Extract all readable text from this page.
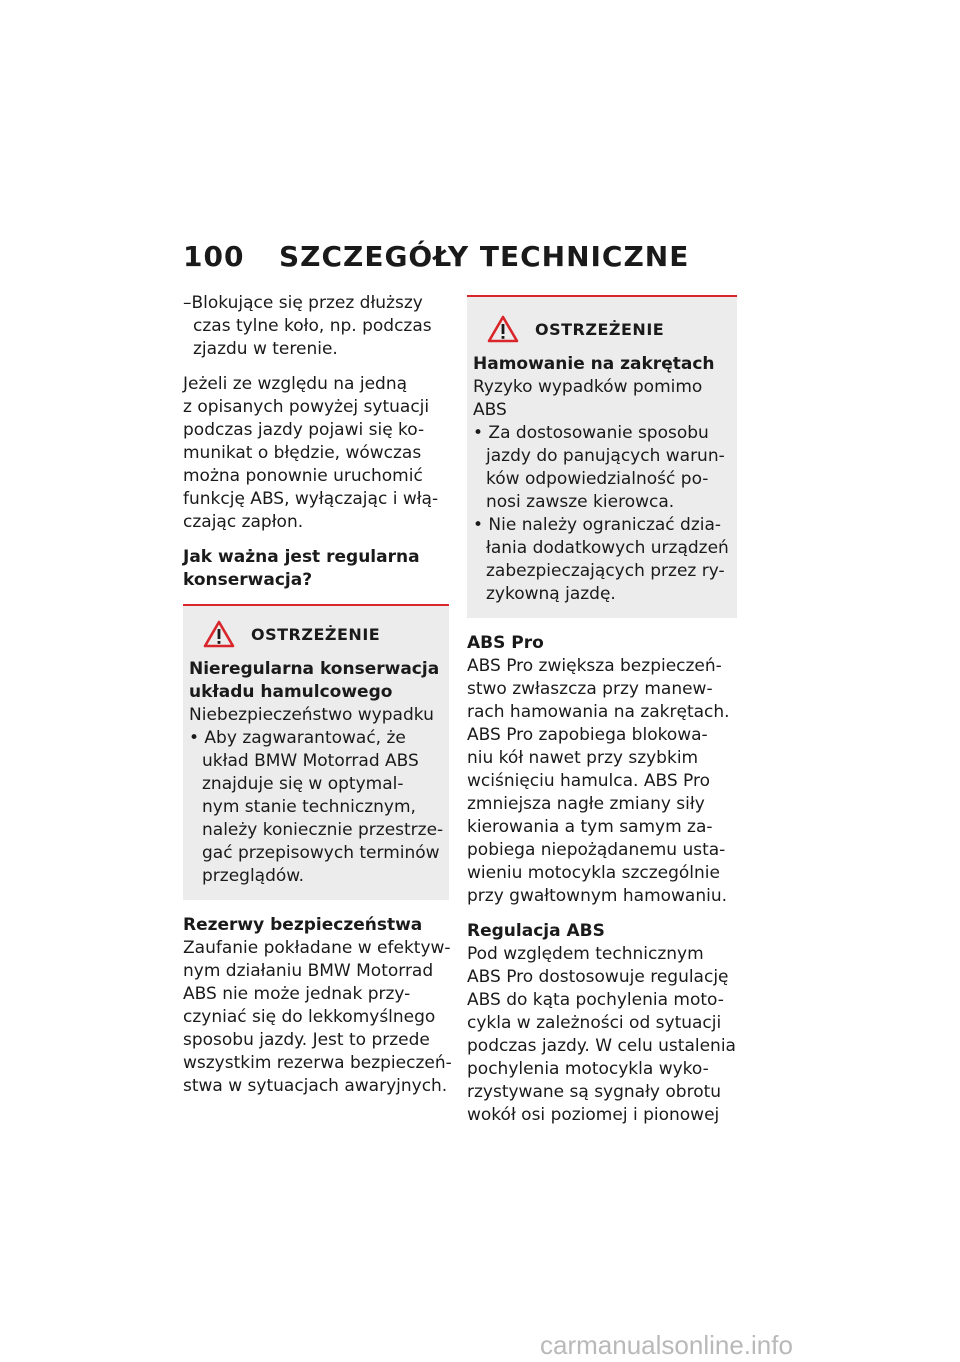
100 SZCZEGÓŁY TECHNICZNE

–Blokujące się przez dłuższy
czas tylne koło, np. podczas
zjazdu w terenie.

Jeżeli ze względu na jedną
z opisanych powyżej sytuacji
podczas jazdy pojawi się ko-
munikat o błędzie, wówczas
można ponownie uruchomić
funkcję ABS, wyłączając i włą-
czając zapłon.

Jak ważna jest regularna
konserwacja?

OSTRZEŻENIE
Nieregularna konserwacja
układu hamulcowego
Niebezpieczeństwo wypadku
• Aby zagwarantować, że
układ BMW Motorrad ABS
znajduje się w optymal-
nym stanie technicznym,
należy koniecznie przestrze-
gać przepisowych terminów
przeglądów.

Rezerwy bezpieczeństwa

Zaufanie pokładane w efektyw-
nym działaniu BMW Motorrad
ABS nie może jednak przy-
czyniać się do lekkomyślnego
sposobu jazdy. Jest to przede
wszystkim rezerwa bezpieczeń-
stwa w sytuacjach awaryjnych.

OSTRZEŻENIE
Hamowanie na zakrętach
Ryzyko wypadków pomimo
ABS
• Za dostosowanie sposobu
jazdy do panujących warun-
ków odpowiedzialność po-
nosi zawsze kierowca.
• Nie należy ograniczać dzia-
łania dodatkowych urządzeń
zabezpieczających przez ry-
zykowną jazdę.

ABS Pro

ABS Pro zwiększa bezpieczeń-
stwo zwłaszcza przy manew-
rach hamowania na zakrętach.
ABS Pro zapobiega blokowa-
niu kół nawet przy szybkim
wciśnięciu hamulca. ABS Pro
zmniejsza nagłe zmiany siły
kierowania a tym samym za-
pobiega niepożądanemu usta-
wieniu motocykla szczególnie
przy gwałtownym hamowaniu.

Regulacja ABS

Pod względem technicznym
ABS Pro dostosowuje regulację
ABS do kąta pochylenia moto-
cykla w zależności od sytuacji
podczas jazdy. W celu ustalenia
pochylenia motocykla wyko-
rzystywane są sygnały obrotu
wokół osi poziomej i pionowej

carmanualsonline.info
